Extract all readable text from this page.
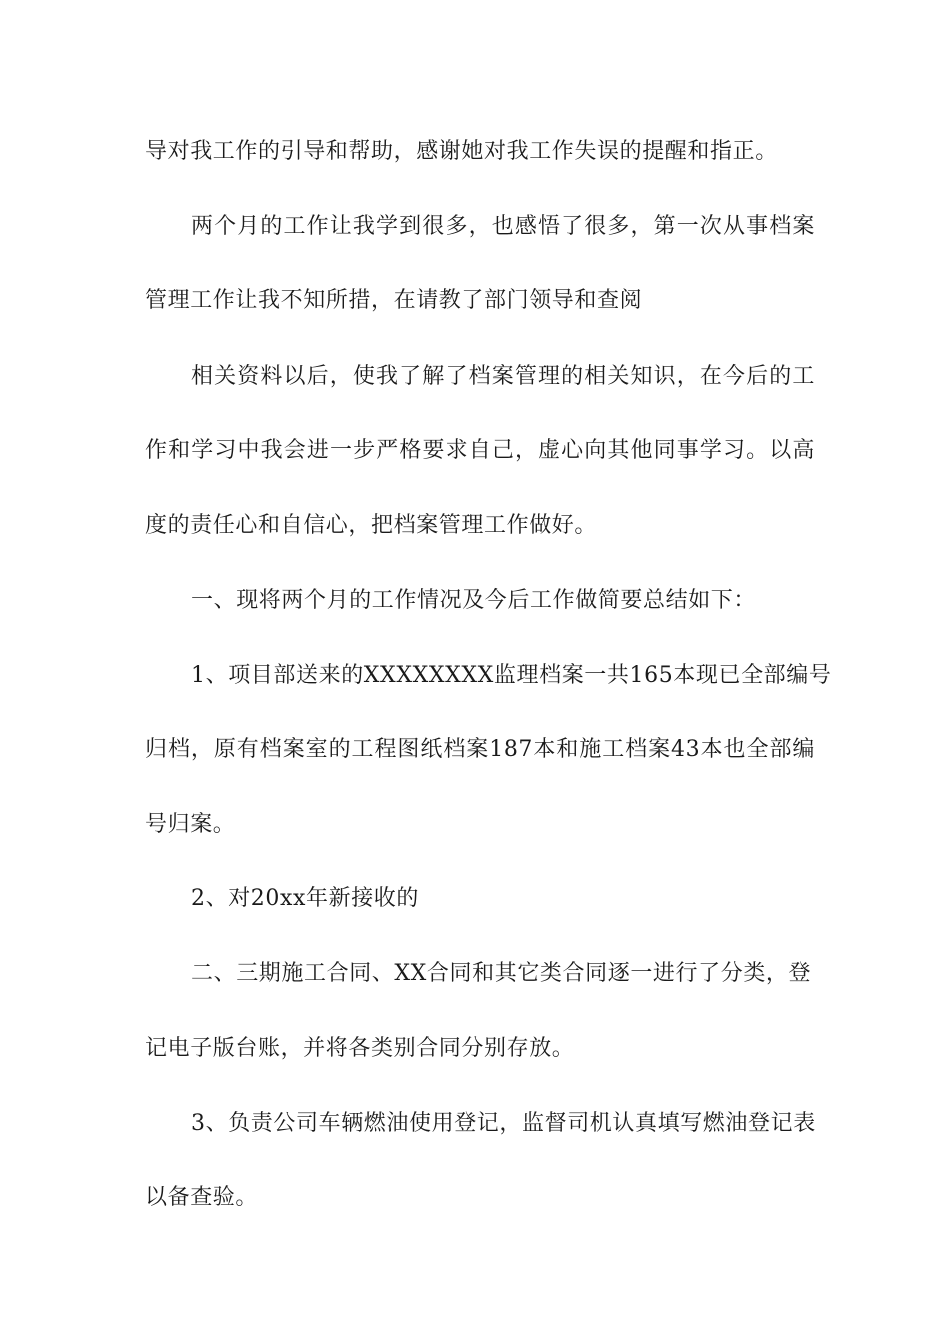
导对我工作的引导和帮助，感谢她对我工作失误的提醒和指正。

两个月的工作让我学到很多，也感悟了很多，第一次从事档案

管理工作让我不知所措，在请教了部门领导和查阅

相关资料以后，使我了解了档案管理的相关知识，在今后的工

作和学习中我会进一步严格要求自己，虚心向其他同事学习。以高

度的责任心和自信心，把档案管理工作做好。

一、现将两个月的工作情况及今后工作做简要总结如下：

1、项目部送来的XXXXXXXX监理档案一共165本现已全部编号

归档，原有档案室的工程图纸档案187本和施工档案43本也全部编

号归案。

2、对20xx年新接收的

二、三期施工合同、XX合同和其它类合同逐一进行了分类，登

记电子版台账，并将各类别合同分别存放。

3、负责公司车辆燃油使用登记，监督司机认真填写燃油登记表

以备查验。
